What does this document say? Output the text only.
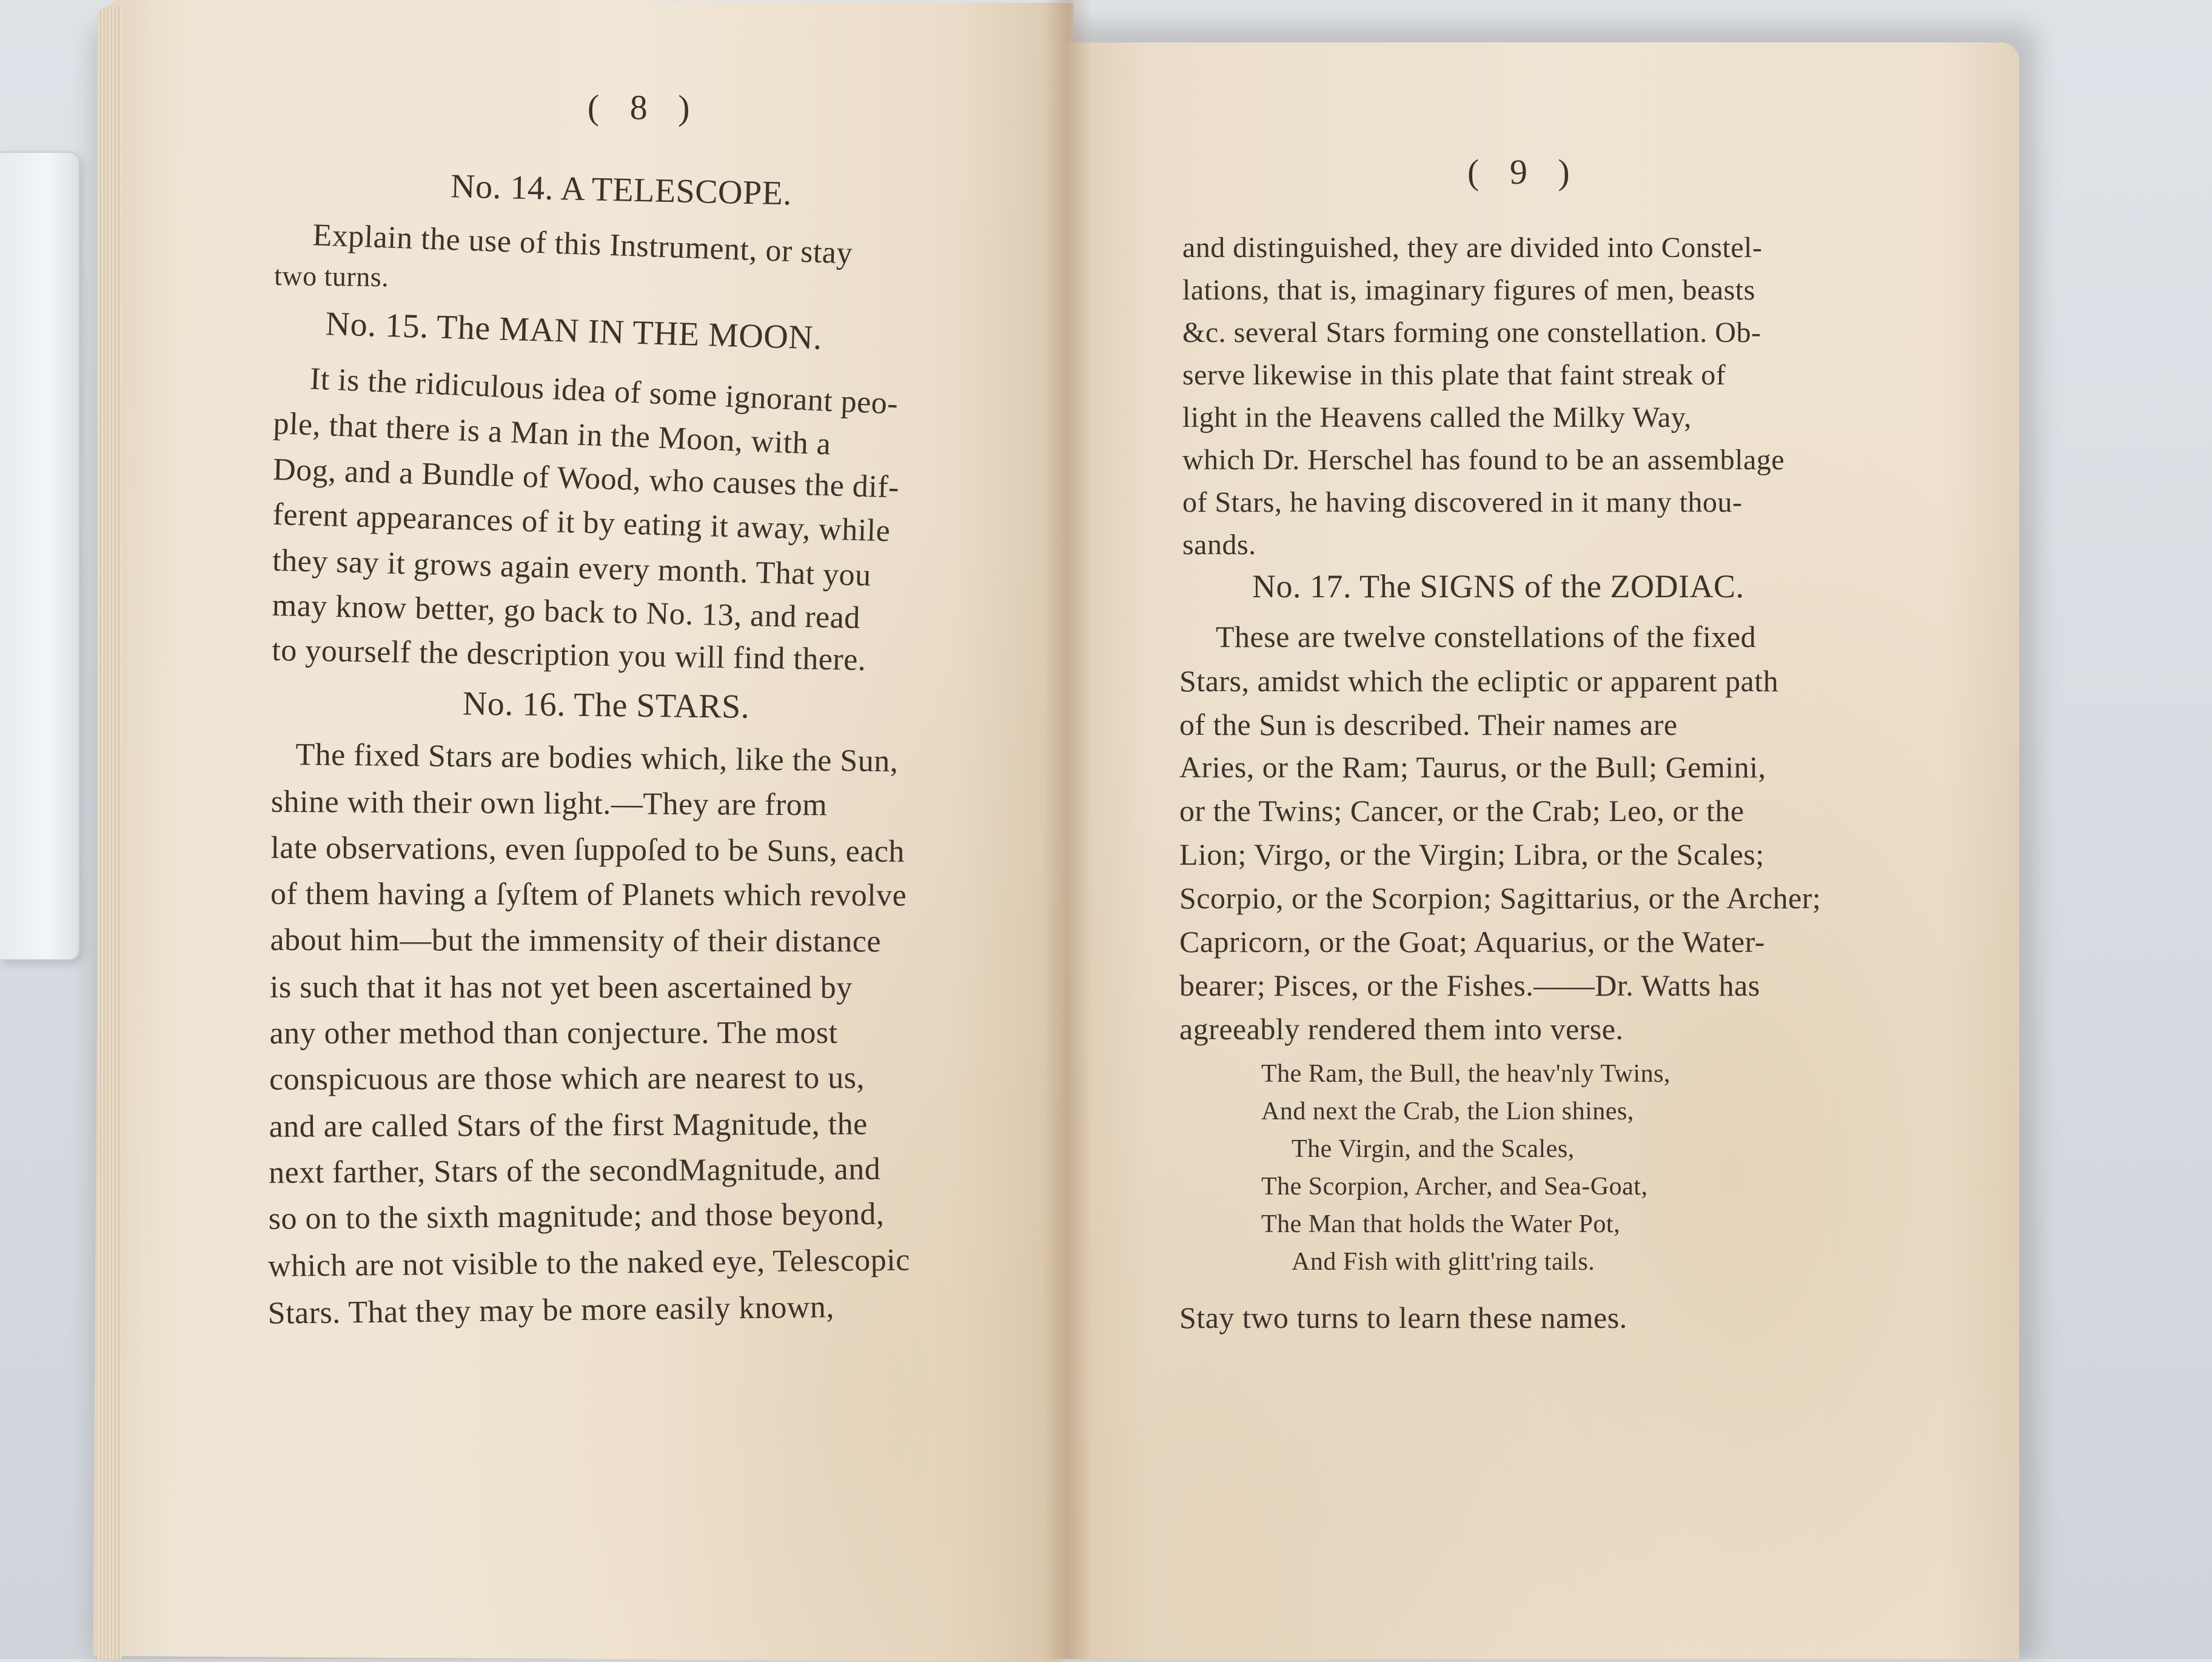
( 8 )
No. 14. A TELESCOPE.
Explain the use of this Instrument, or stay
two turns.
No. 15. The MAN IN THE MOON.
It is the ridiculous idea of some ignorant peo-
ple, that there is a Man in the Moon, with a
Dog, and a Bundle of Wood, who causes the dif-
ferent appearances of it by eating it away, while
they say it grows again every month. That you
may know better, go back to No. 13, and read
to yourself the description you will find there.
No. 16. The STARS.
The fixed Stars are bodies which, like the Sun,
shine with their own light.—They are from
late observations, even ſuppoſed to be Suns, each
of them having a ſyſtem of Planets which revolve
about him—but the immensity of their distance
is such that it has not yet been ascertained by
any other method than conjecture. The most
conspicuous are those which are nearest to us,
and are called Stars of the first Magnitude, the
next farther, Stars of the secondMagnitude, and
so on to the sixth magnitude; and those beyond,
which are not visible to the naked eye, Telescopic
Stars. That they may be more easily known,
( 9 )
and distinguished, they are divided into Constel-
lations, that is, imaginary figures of men, beasts
&c. several Stars forming one constellation. Ob-
serve likewise in this plate that faint streak of
light in the Heavens called the Milky Way,
which Dr. Herschel has found to be an assemblage
of Stars, he having discovered in it many thou-
sands.
No. 17. The SIGNS of the ZODIAC.
These are twelve constellations of the fixed
Stars, amidst which the ecliptic or apparent path
of the Sun is described. Their names are
Aries, or the Ram; Taurus, or the Bull; Gemini,
or the Twins; Cancer, or the Crab; Leo, or the
Lion; Virgo, or the Virgin; Libra, or the Scales;
Scorpio, or the Scorpion; Sagittarius, or the Archer;
Capricorn, or the Goat; Aquarius, or the Water-
bearer; Pisces, or the Fishes.——Dr. Watts has
agreeably rendered them into verse.
The Ram, the Bull, the heav'nly Twins,
And next the Crab, the Lion shines,
The Virgin, and the Scales,
The Scorpion, Archer, and Sea-Goat,
The Man that holds the Water Pot,
And Fish with glitt'ring tails.
Stay two turns to learn these names.
